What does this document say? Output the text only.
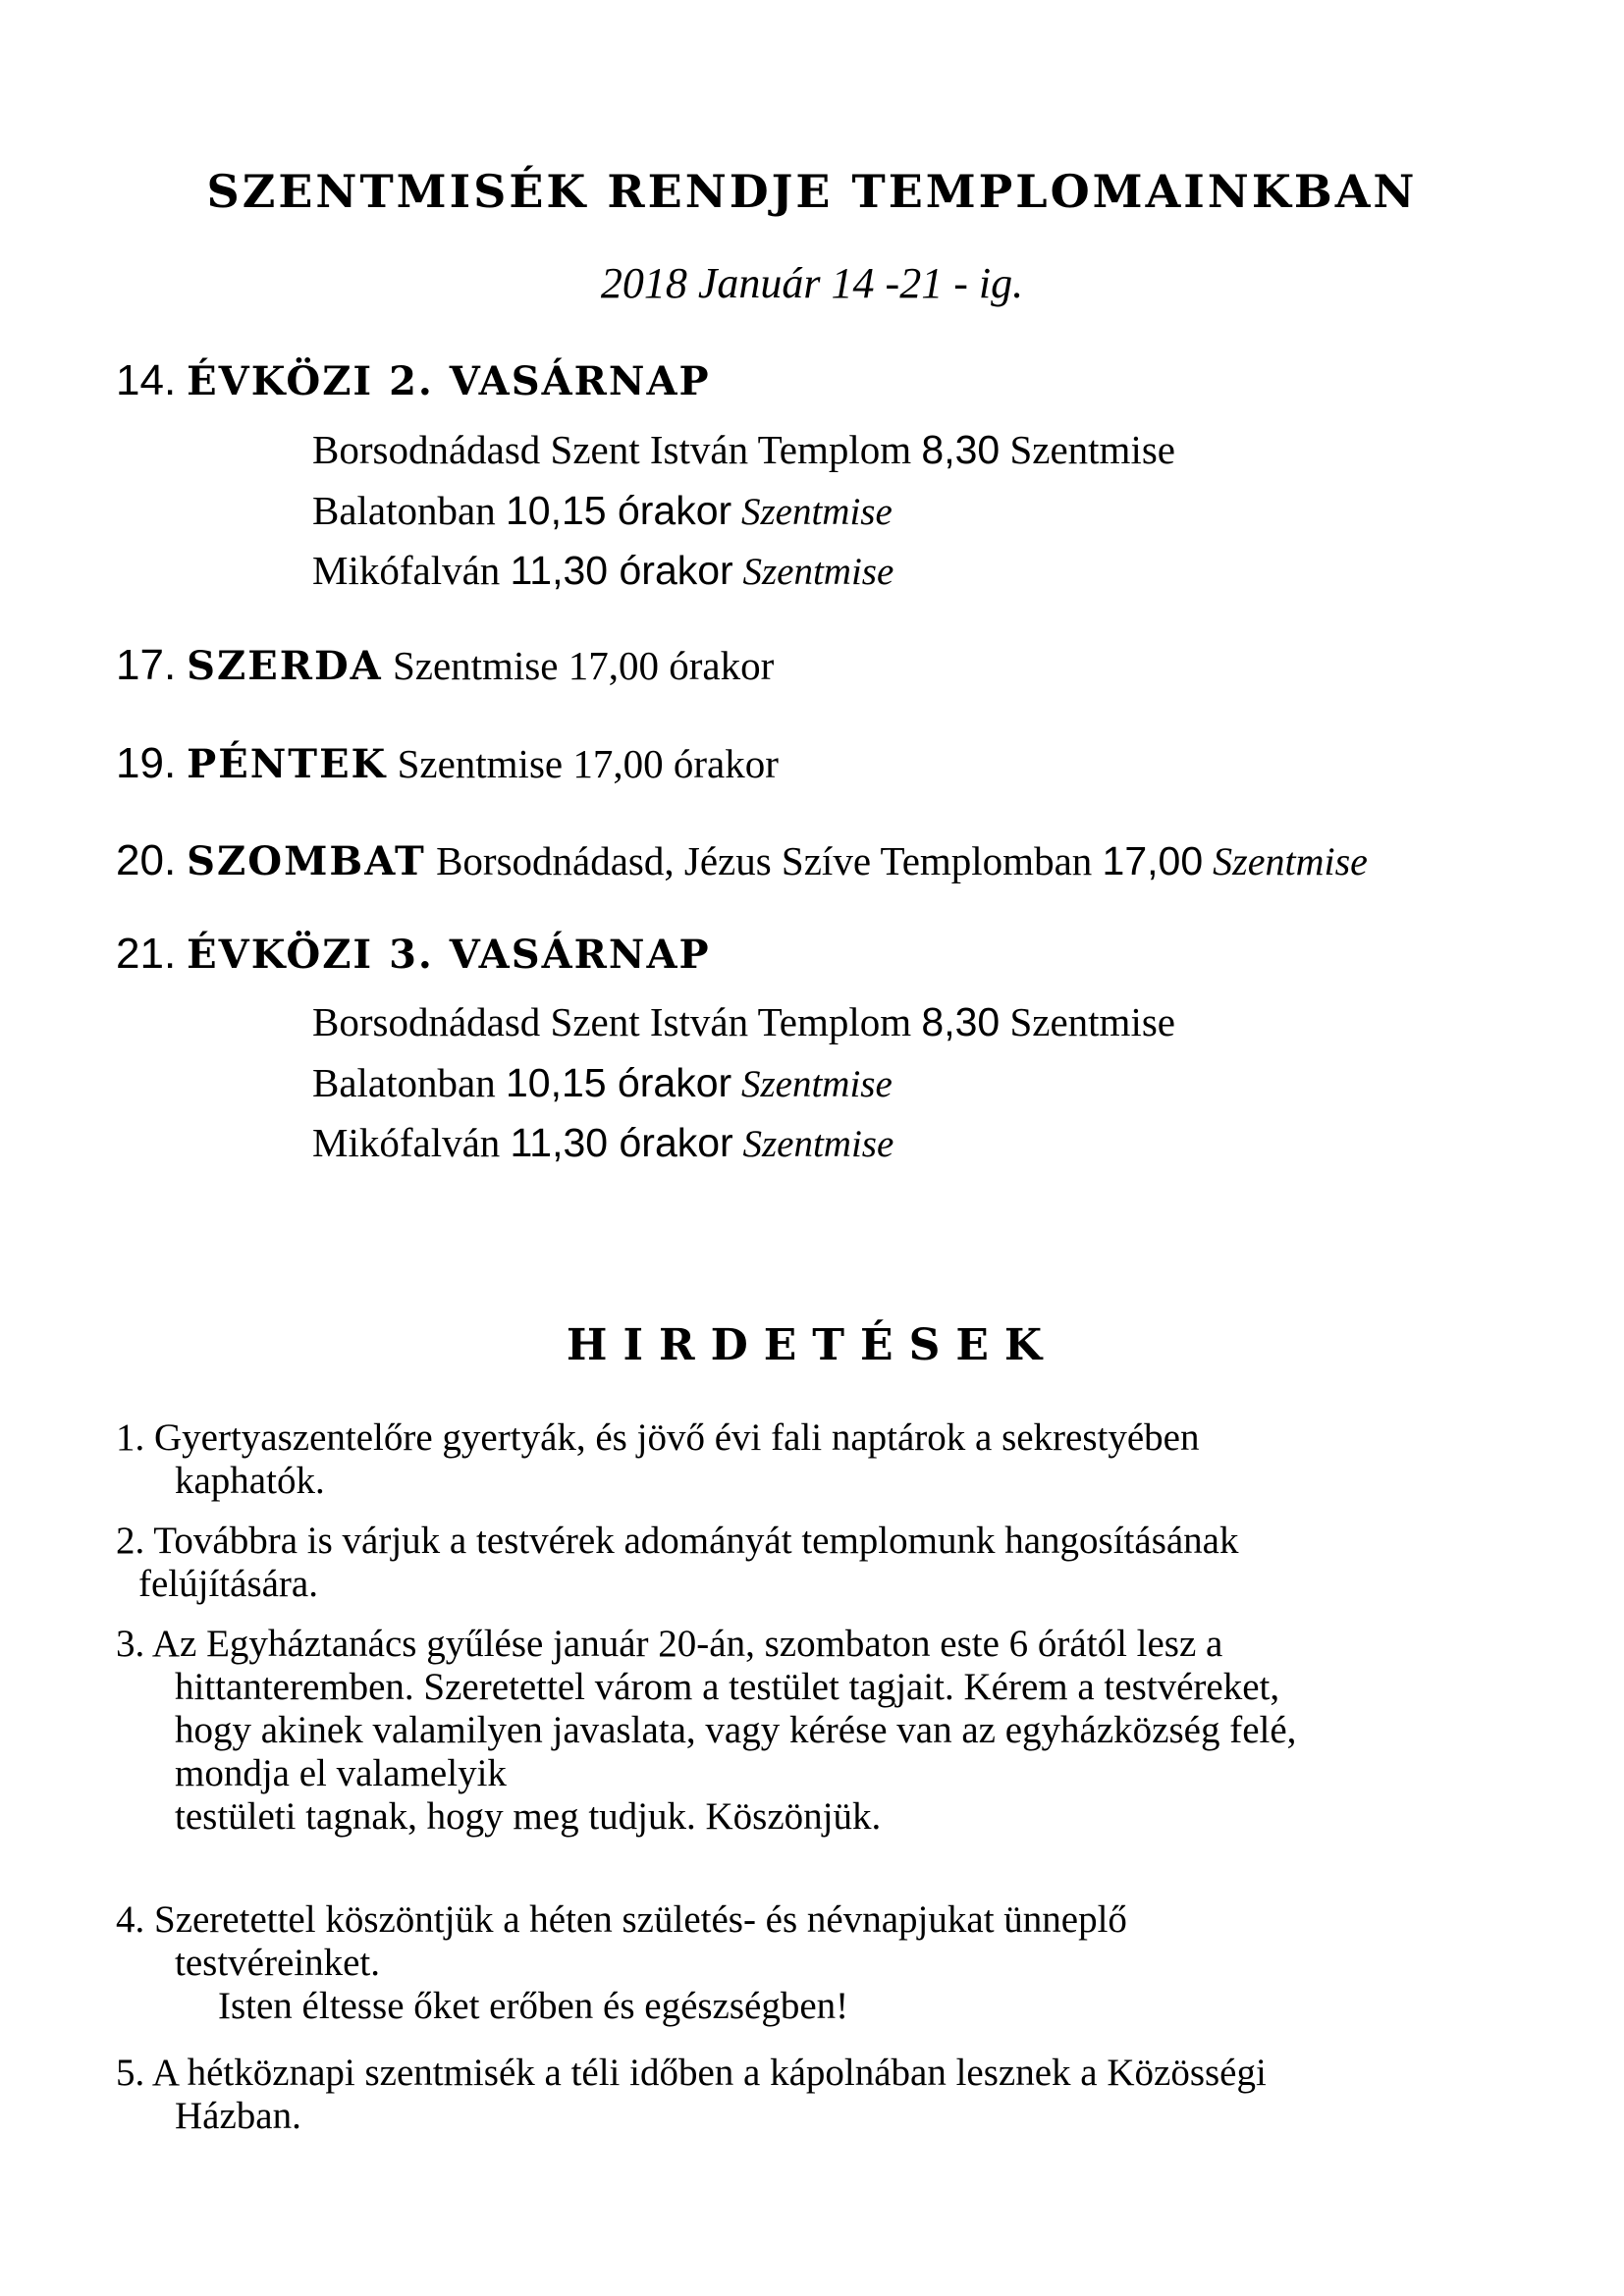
SZENTMISÉK RENDJE TEMPLOMAINKBAN
2018 Január 14 -21 - ig.
14. ÉVKÖZI 2. VASÁRNAP
Borsodnádasd Szent István Templom 8,30 Szentmise
Balatonban 10,15 órakor Szentmise
Mikófalván 11,30 órakor Szentmise
17. SZERDA Szentmise 17,00 órakor
19. PÉNTEK Szentmise 17,00 órakor
20. SZOMBAT Borsodnádasd, Jézus Szíve Templomban 17,00 Szentmise
21. ÉVKÖZI 3. VASÁRNAP
Borsodnádasd Szent István Templom 8,30 Szentmise
Balatonban 10,15 órakor Szentmise
Mikófalván 11,30 órakor Szentmise
HIRDETÉSEK
1. Gyertyaszentelőre gyertyák, és jövő évi fali naptárok a sekrestyében
kaphatók.
2. Továbbra is várjuk a testvérek adományát templomunk hangosításának
felújítására.
3. Az Egyháztanács gyűlése január 20-án, szombaton este 6 órától lesz a
hittanteremben. Szeretettel várom a testület tagjait. Kérem a testvéreket,
hogy akinek valamilyen javaslata, vagy kérése van az egyházközség felé,
mondja el valamelyik
testületi tagnak, hogy meg tudjuk. Köszönjük.
4. Szeretettel köszöntjük a héten születés- és névnapjukat ünneplő
testvéreinket.
Isten éltesse őket erőben és egészségben!
5. A hétköznapi szentmisék a téli időben a kápolnában lesznek a Közösségi
Házban.
